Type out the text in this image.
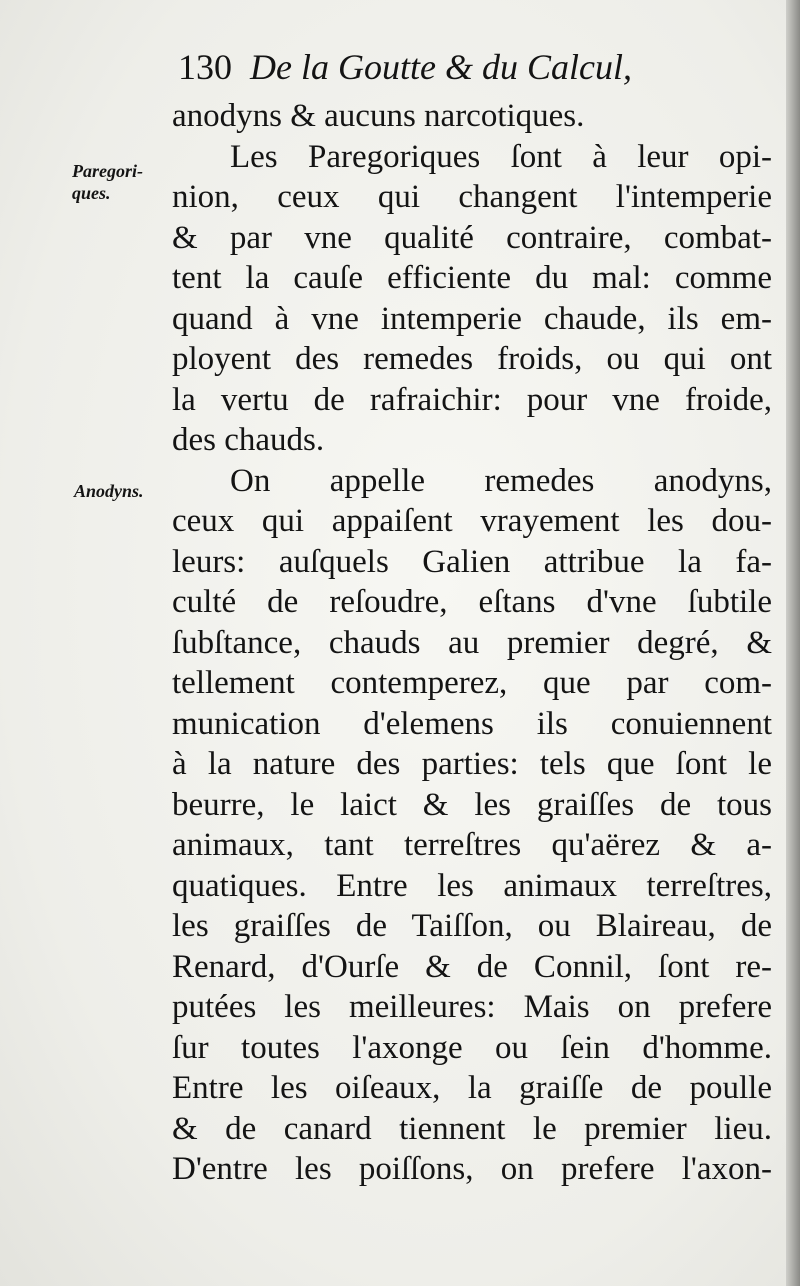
130 De la Goutte & du Calcul,
Paregori-
ques.
Anodyns.
anodyns & aucuns narcotiques.
Les Paregoriques ſont à leur opi-
nion, ceux qui changent l'intemperie
& par vne qualité contraire, combat-
tent la cauſe efficiente du mal: comme
quand à vne intemperie chaude, ils em-
ployent des remedes froids, ou qui ont
la vertu de rafraichir: pour vne froide,
des chauds.
On appelle remedes anodyns,
ceux qui appaiſent vrayement les dou-
leurs: auſquels Galien attribue la fa-
culté de reſoudre, eſtans d'vne ſubtile
ſubſtance, chauds au premier degré, &
tellement contemperez, que par com-
munication d'elemens ils conuiennent
à la nature des parties: tels que ſont le
beurre, le laict & les graiſſes de tous
animaux, tant terreſtres qu'aërez & a-
quatiques. Entre les animaux terreſtres,
les graiſſes de Taiſſon, ou Blaireau, de
Renard, d'Ourſe & de Connil, ſont re-
putées les meilleures: Mais on prefere
ſur toutes l'axonge ou ſein d'homme.
Entre les oiſeaux, la graiſſe de poulle
& de canard tiennent le premier lieu.
D'entre les poiſſons, on prefere l'axon-
